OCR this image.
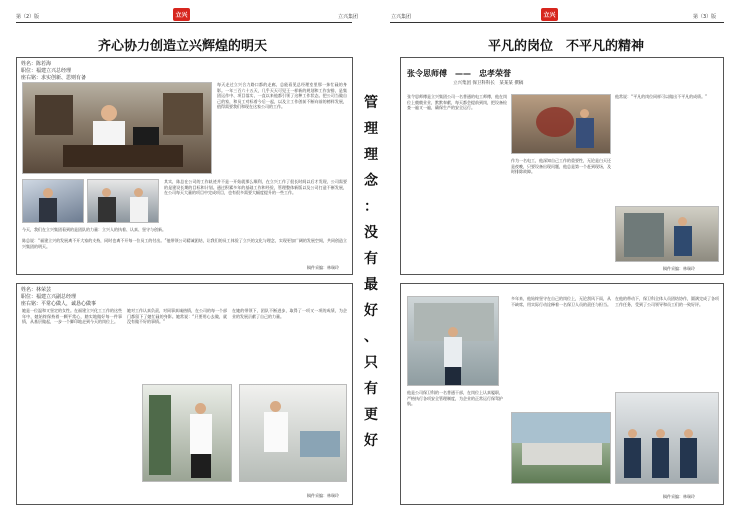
第（2）版	立兴	立兴集团
齐心协力创造立兴辉煌的明天
姓名：陈若海
职位：福建立兴总经理
座右铭：求实创新、思则有备
每天走过立兴合力路口都的走廊，总能看见总经理室里那一抹忙碌的身影。一年三百六十五天，几乎天天可见王一样新的规划和工作安排，是集团运作中、项目落实，一直以来他都引领了这种工作状态。把公司当做自己的家，和员工对标着今后一起，以及立工作创前不断向前的榜样发展，值得需要我们和现在这家公司的工作。
其实，陈总在公司的工作轨迹并不是一开始就那么顺利，在立兴工作了很长时间以后才发现，公司需要的是建设长期的目标和计划。通过积累多年的基础工作和经验，管理整体新版以及公司打造不断发展，在公司每天大量的项目中完成项目，也有很多需要大幅度提升的一些工作。
今天，我们在立兴集团看到的是团队的力量：立兴人的执着、认真、坚守与创新。
陈总说：“福建立兴的发展离不开大家的支持，同时也离不开每一位员工的付出。”他带领公司精诚团结，让我们的员工体验了立兴的文化与理念，实现更加广阔的发展空间，共同创造立兴集团的明天。
稿件采编：林瑞玲
姓名：林荣芸
职位：福建立兴副总经理
座右铭：平常心做人，诚恳心做事
她是一位温和又坚定的女性。在福建立兴化工工作的这些年中，她始终保持着一颗平常心，踏实地做好每一件事情，从基层做起，一步一个脚印地走到今天的岗位上。
她对工作认真负责，对同事真诚热情，在公司的每一个部门都留下了她忙碌的身影。她常说：“只要用心去做，就没有做不好的事情。”
在她的带领下，团队不断进步，取得了一项又一项的成绩，为企业的发展贡献了自己的力量。
稿件采编：林瑞玲
管
理
理
念
：
没
有
最
好
、
只
有
更
好
立兴集团	立兴	第（3）版
平凡的岗位　不平凡的精神
张令思师傅　——　忠孝荣誉
立兴集团 保卫科科长　某某某 撰稿
张令思师傅是立兴集团公司一名普通的电工师傅，他在岗位上兢兢业业，默默奉献，每天都会提前到岗，把设备检查一遍又一遍，确保生产的安全运行。
作为一名电工，他深知自己工作的重要性，无论是白天还是夜晚，只要设备出现问题，他总是第一个赶到现场，及时排除故障。
他常说：“平凡的岗位同样可以做出不平凡的成绩。”
稿件采编：林瑞玲
他是公司保卫科的一名普通干部，在岗位上认真履职，严格执行各项安全管理制度，为企业的正常运行保驾护航。
多年来，他始终坚守在自己的岗位上，无论刮风下雨，从不缺席，用实际行动诠释着一名保卫人员的责任与担当。
在他的带动下，保卫科全体人员团结协作，圆满完成了各项工作任务，受到了公司领导和员工们的一致好评。
稿件采编：林瑞玲
